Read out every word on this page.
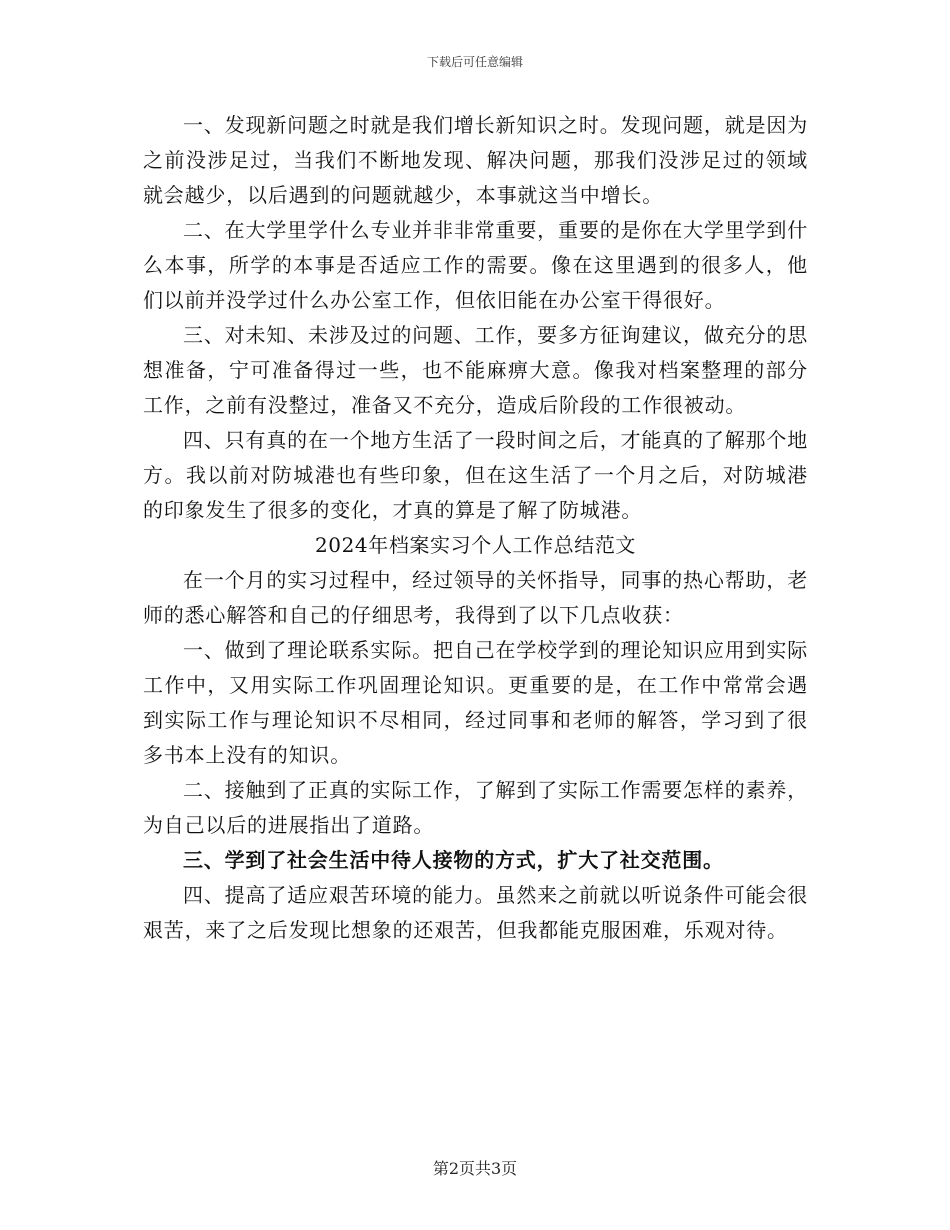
下载后可任意编辑

一、发现新问题之时就是我们增长新知识之时。发现问题，就是因为之前没涉足过，当我们不断地发现、解决问题，那我们没涉足过的领域就会越少，以后遇到的问题就越少，本事就这当中增长。

二、在大学里学什么专业并非非常重要，重要的是你在大学里学到什么本事，所学的本事是否适应工作的需要。像在这里遇到的很多人，他们以前并没学过什么办公室工作，但依旧能在办公室干得很好。

三、对未知、未涉及过的问题、工作，要多方征询建议，做充分的思想准备，宁可准备得过一些，也不能麻痹大意。像我对档案整理的部分工作，之前有没整过，准备又不充分，造成后阶段的工作很被动。

四、只有真的在一个地方生活了一段时间之后，才能真的了解那个地方。我以前对防城港也有些印象，但在这生活了一个月之后，对防城港的印象发生了很多的变化，才真的算是了解了防城港。

2024年档案实习个人工作总结范文

在一个月的实习过程中，经过领导的关怀指导，同事的热心帮助，老师的悉心解答和自己的仔细思考，我得到了以下几点收获：

一、做到了理论联系实际。把自己在学校学到的理论知识应用到实际工作中，又用实际工作巩固理论知识。更重要的是，在工作中常常会遇到实际工作与理论知识不尽相同，经过同事和老师的解答，学习到了很多书本上没有的知识。

二、接触到了正真的实际工作，了解到了实际工作需要怎样的素养，为自己以后的进展指出了道路。

三、学到了社会生活中待人接物的方式，扩大了社交范围。

四、提高了适应艰苦环境的能力。虽然来之前就以听说条件可能会很艰苦，来了之后发现比想象的还艰苦，但我都能克服困难，乐观对待。

第2页共3页
